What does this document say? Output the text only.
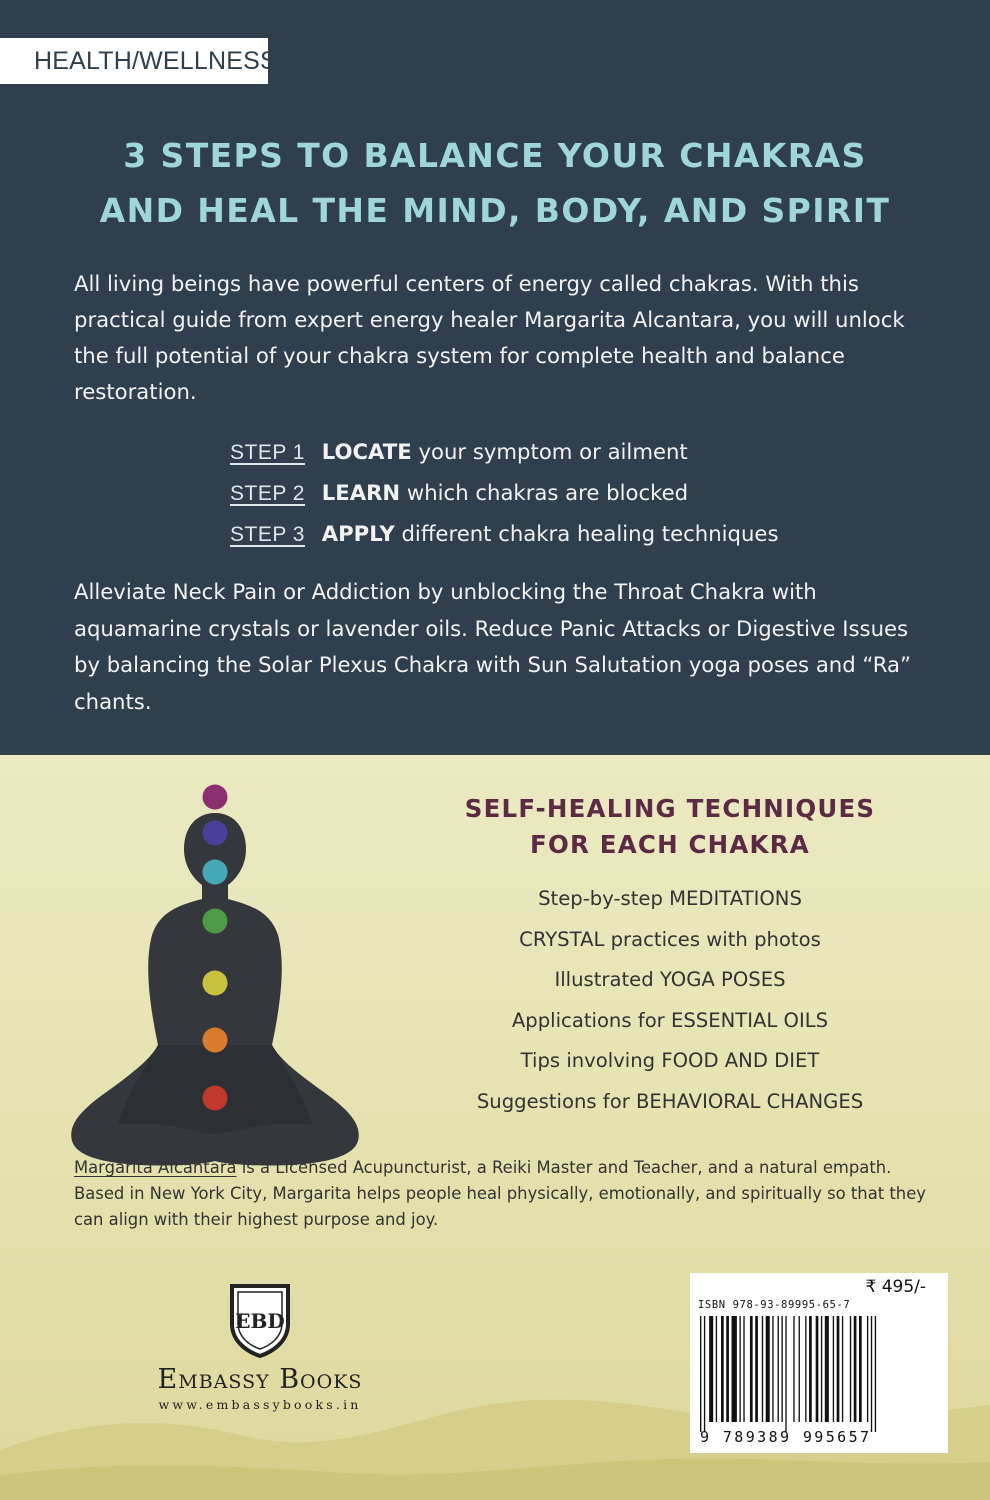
HEALTH/WELLNESS
3 STEPS TO BALANCE YOUR CHAKRAS
AND HEAL THE MIND, BODY, AND SPIRIT

All living beings have powerful centers of energy called chakras. With this practical guide from expert energy healer Margarita Alcantara, you will unlock the full potential of your chakra system for complete health and balance restoration.

STEP 1 LOCATE your symptom or ailment
STEP 2 LEARN which chakras are blocked
STEP 3 APPLY different chakra healing techniques

Alleviate Neck Pain or Addiction by unblocking the Throat Chakra with aquamarine crystals or lavender oils. Reduce Panic Attacks or Digestive Issues by balancing the Solar Plexus Chakra with Sun Salutation yoga poses and “Ra” chants.

SELF-HEALING TECHNIQUES
FOR EACH CHAKRA
Step-by-step MEDITATIONS
CRYSTAL practices with photos
Illustrated YOGA POSES
Applications for ESSENTIAL OILS
Tips involving FOOD AND DIET
Suggestions for BEHAVIORAL CHANGES

Margarita Alcantara is a Licensed Acupuncturist, a Reiki Master and Teacher, and a natural empath. Based in New York City, Margarita helps people heal physically, emotionally, and spiritually so that they can align with their highest purpose and joy.

EBD
Embassy Books
www.embassybooks.in
₹ 495/-
ISBN 978-93-89995-65-7
9 789389 995657
